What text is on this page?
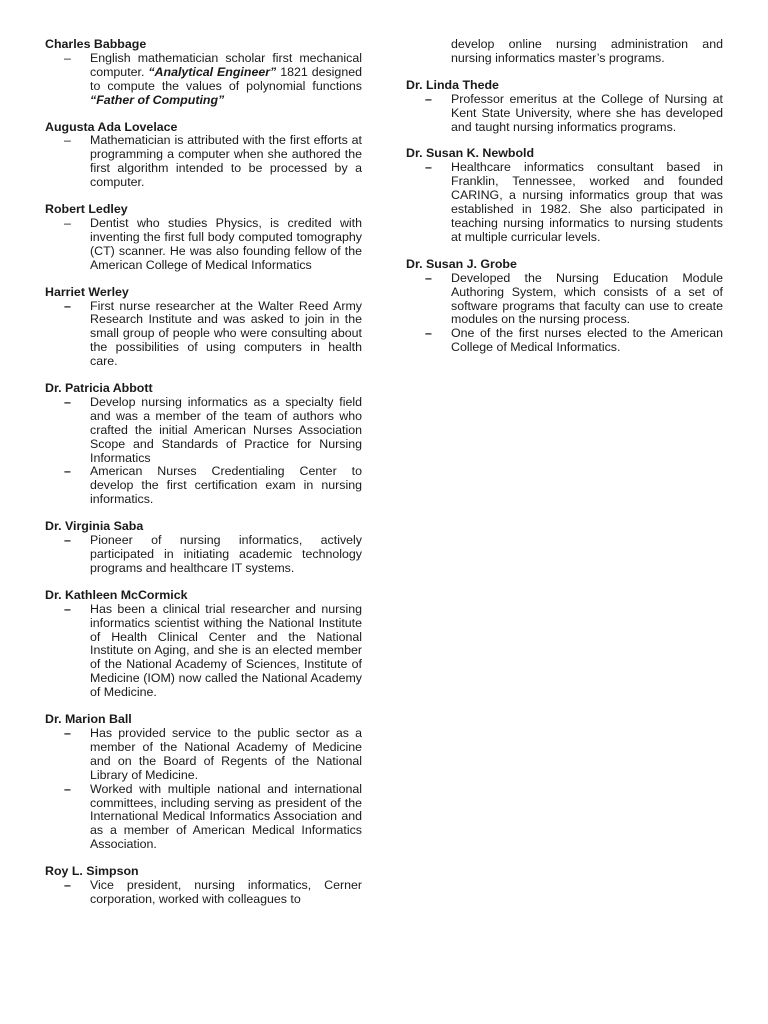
Charles Babbage
–	English mathematician scholar first mechanical computer. “Analytical Engineer” 1821 designed to compute the values of polynomial functions “Father of Computing”
Augusta Ada Lovelace
–	Mathematician is attributed with the first efforts at programming a computer when she authored the first algorithm intended to be processed by a computer.
Robert Ledley
–	Dentist who studies Physics, is credited with inventing the first full body computed tomography (CT) scanner. He was also founding fellow of the American College of Medical Informatics
Harriet Werley
–	First nurse researcher at the Walter Reed Army Research Institute and was asked to join in the small group of people who were consulting about the possibilities of using computers in health care.
Dr. Patricia Abbott
–	Develop nursing informatics as a specialty field and was a member of the team of authors who crafted the initial American Nurses Association Scope and Standards of Practice for Nursing Informatics
–	American Nurses Credentialing Center to develop the first certification exam in nursing informatics.
Dr. Virginia Saba
–	Pioneer of nursing informatics, actively participated in initiating academic technology programs and healthcare IT systems.
Dr. Kathleen McCormick
–	Has been a clinical trial researcher and nursing informatics scientist withing the National Institute of Health Clinical Center and the National Institute on Aging, and she is an elected member of the National Academy of Sciences, Institute of Medicine (IOM) now called the National Academy of Medicine.
Dr. Marion Ball
–	Has provided service to the public sector as a member of the National Academy of Medicine and on the Board of Regents of the National Library of Medicine.
–	Worked with multiple national and international committees, including serving as president of the International Medical Informatics Association and as a member of American Medical Informatics Association.
Roy L. Simpson
–	Vice president, nursing informatics, Cerner corporation, worked with colleagues to
develop online nursing administration and nursing informatics master’s programs.
Dr. Linda Thede
–	Professor emeritus at the College of Nursing at Kent State University, where she has developed and taught nursing informatics programs.
Dr. Susan K. Newbold
–	Healthcare informatics consultant based in Franklin, Tennessee, worked and founded CARING, a nursing informatics group that was established in 1982. She also participated in teaching nursing informatics to nursing students at multiple curricular levels.
Dr. Susan J. Grobe
–	Developed the Nursing Education Module Authoring System, which consists of a set of software programs that faculty can use to create modules on the nursing process.
–	One of the first nurses elected to the American College of Medical Informatics.
